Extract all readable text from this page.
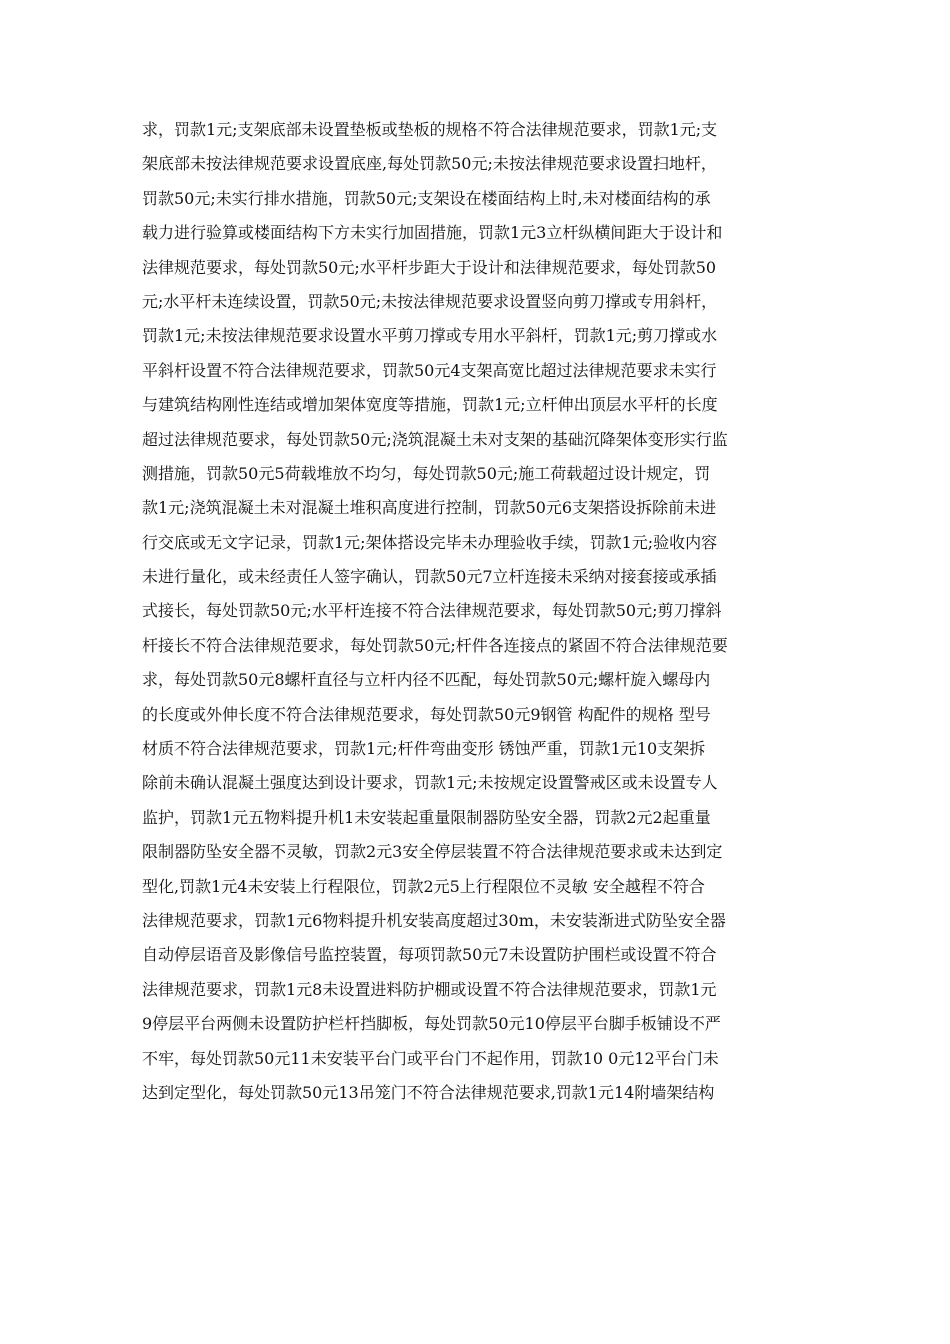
求，罚款1元;支架底部未设置垫板或垫板的规格不符合法律规范要求，罚款1元;支
架底部未按法律规范要求设置底座,每处罚款50元;未按法律规范要求设置扫地杆，
罚款50元;未实行排水措施，罚款50元;支架设在楼面结构上时,未对楼面结构的承
载力进行验算或楼面结构下方未实行加固措施，罚款1元3立杆纵横间距大于设计和
法律规范要求，每处罚款50元;水平杆步距大于设计和法律规范要求，每处罚款50
元;水平杆未连续设置，罚款50元;未按法律规范要求设置竖向剪刀撑或专用斜杆，
罚款1元;未按法律规范要求设置水平剪刀撑或专用水平斜杆，罚款1元;剪刀撑或水
平斜杆设置不符合法律规范要求，罚款50元4支架高宽比超过法律规范要求未实行
与建筑结构刚性连结或增加架体宽度等措施，罚款1元;立杆伸出顶层水平杆的长度
超过法律规范要求，每处罚款50元;浇筑混凝土未对支架的基础沉降架体变形实行监
测措施，罚款50元5荷载堆放不均匀，每处罚款50元;施工荷载超过设计规定，罚
款1元;浇筑混凝土未对混凝土堆积高度进行控制，罚款50元6支架搭设拆除前未进
行交底或无文字记录，罚款1元;架体搭设完毕未办理验收手续，罚款1元;验收内容
未进行量化，或未经责任人签字确认，罚款50元7立杆连接未采纳对接套接或承插
式接长，每处罚款50元;水平杆连接不符合法律规范要求，每处罚款50元;剪刀撑斜
杆接长不符合法律规范要求，每处罚款50元;杆件各连接点的紧固不符合法律规范要
求，每处罚款50元8螺杆直径与立杆内径不匹配，每处罚款50元;螺杆旋入螺母内
的长度或外伸长度不符合法律规范要求，每处罚款50元9钢管 构配件的规格 型号
材质不符合法律规范要求，罚款1元;杆件弯曲变形 锈蚀严重，罚款1元10支架拆
除前未确认混凝土强度达到设计要求，罚款1元;未按规定设置警戒区或未设置专人
监护，罚款1元五物料提升机1未安装起重量限制器防坠安全器，罚款2元2起重量
限制器防坠安全器不灵敏，罚款2元3安全停层装置不符合法律规范要求或未达到定
型化,罚款1元4未安装上行程限位，罚款2元5上行程限位不灵敏 安全越程不符合
法律规范要求，罚款1元6物料提升机安装高度超过30m，未安装渐进式防坠安全器
自动停层语音及影像信号监控装置，每项罚款50元7未设置防护围栏或设置不符合
法律规范要求，罚款1元8未设置进料防护棚或设置不符合法律规范要求，罚款1元
9停层平台两侧未设置防护栏杆挡脚板，每处罚款50元10停层平台脚手板铺设不严
不牢，每处罚款50元11未安装平台门或平台门不起作用，罚款10 0元12平台门未
达到定型化，每处罚款50元13吊笼门不符合法律规范要求,罚款1元14附墙架结构
